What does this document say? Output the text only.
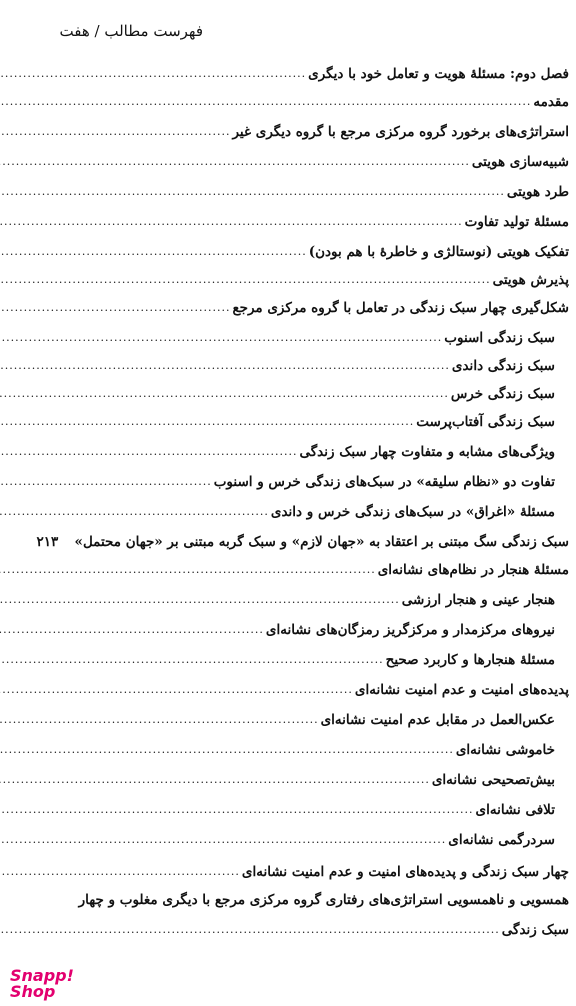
فهرست مطالب / هفت
فصل دوم: مسئلهٔ هویت و تعامل خود با دیگری
.....
مقدمه
.....
استراتژی‌های برخورد گروه مرکزی مرجع با گروه دیگری غیر
.....
شبیه‌سازی هویتی
.....
طرد هویتی
.....
مسئلهٔ تولید تفاوت
.....
تفکیک هویتی (نوستالژی و خاطرهٔ با هم بودن)
.....
پذیرش هویتی
.....
شکل‌گیری چهار سبک زندگی در تعامل با گروه مرکزی مرجع
.....
سبک زندگی اسنوب
.....
سبک زندگی داندی
.....
سبک زندگی خرس
.....
سبک زندگی آفتاب‌پرست
.....
ویژگی‌های مشابه و متفاوت چهار سبک زندگی
.....
تفاوت دو «نظام سلیقه» در سبک‌های زندگی خرس و اسنوب
.....
مسئلهٔ «اغراق» در سبک‌های زندگی خرس و داندی
.....
سبک زندگی سگ مبتنی بر اعتقاد به «جهان لازم» و سبک گربه مبتنی بر «جهان محتمل»
۲۱۳
مسئلهٔ هنجار در نظام‌های نشانه‌ای
.....
هنجار عینی و هنجار ارزشی
.....
نیروهای مرکزمدار و مرکزگریز رمزگان‌های نشانه‌ای
.....
مسئلهٔ هنجارها و کاربرد صحیح
.....
پدیده‌های امنیت و عدم امنیت نشانه‌ای
.....
عکس‌العمل در مقابل عدم امنیت نشانه‌ای
.....
خاموشی نشانه‌ای
.....
بیش‌تصحیحی نشانه‌ای
.....
تلافی نشانه‌ای
.....
سردرگمی نشانه‌ای
.....
چهار سبک زندگی و پدیده‌های امنیت و عدم امنیت نشانه‌ای
.....
همسویی و ناهمسویی استراتژی‌های رفتاری گروه مرکزی مرجع با دیگری مغلوب و چهار
سبک زندگی
.....
Snapp!
Shop
